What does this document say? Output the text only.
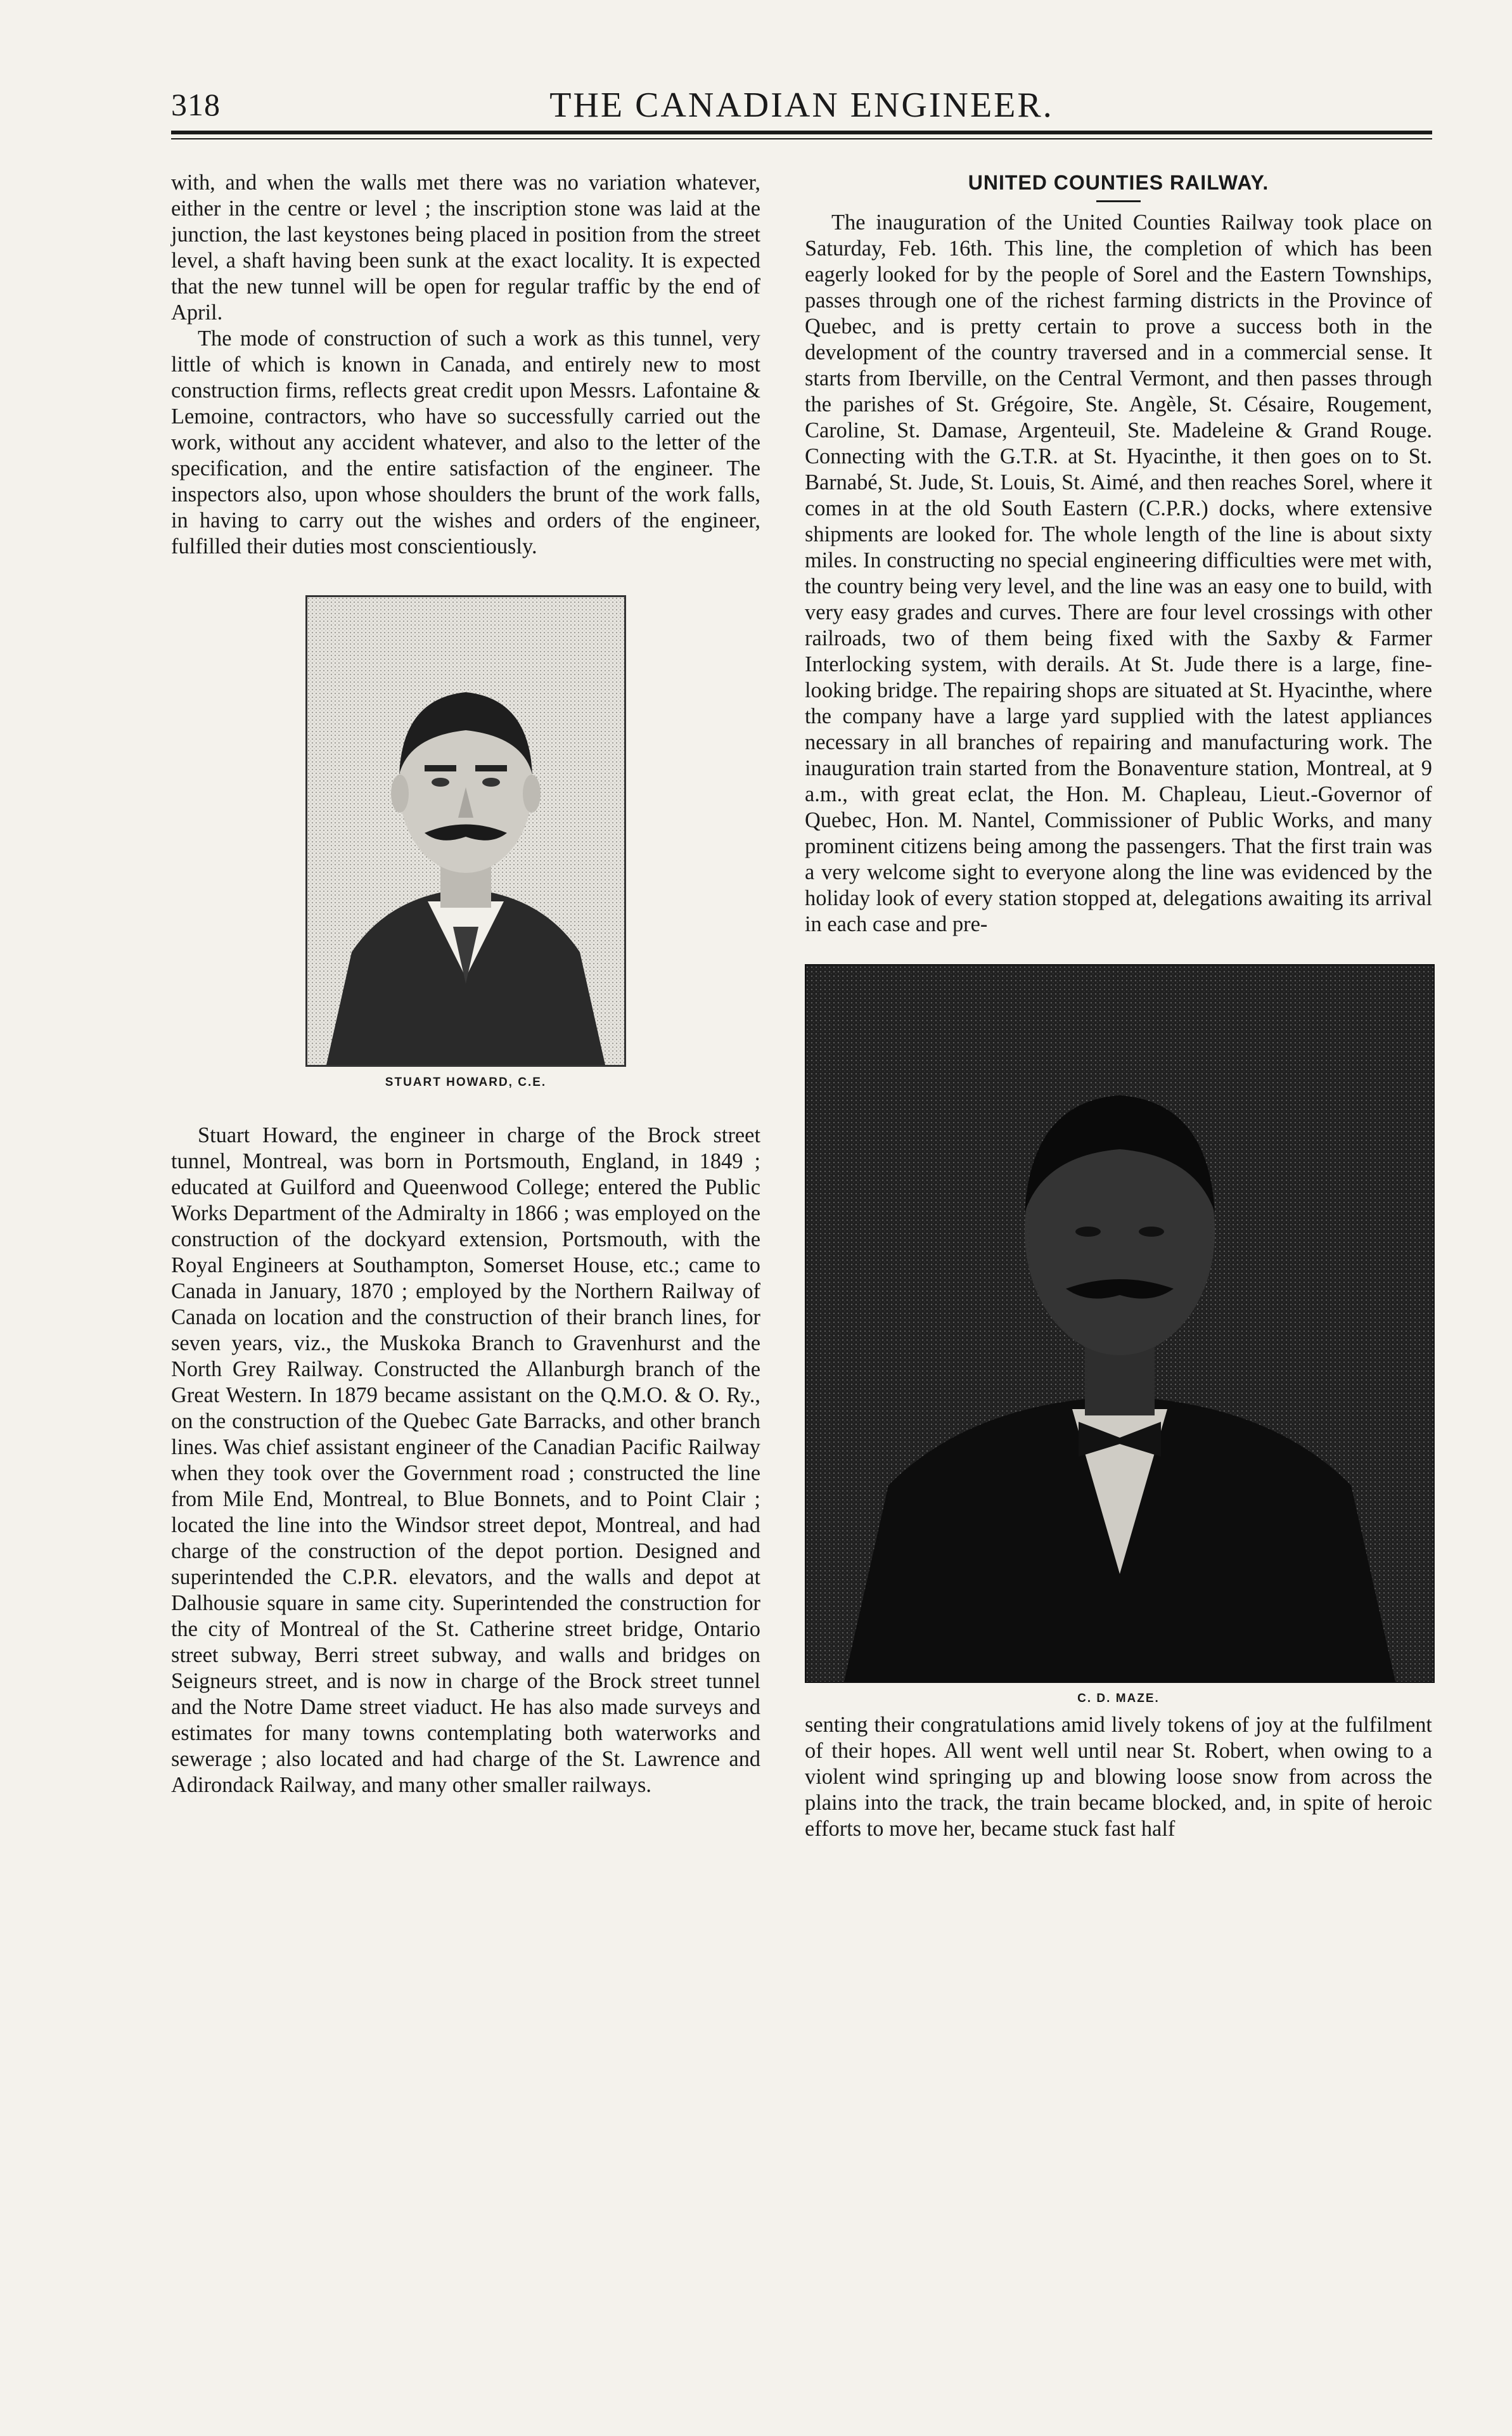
318	THE CANADIAN ENGINEER.

with, and when the walls met there was no variation whatever, either in the centre or level ; the inscription stone was laid at the junction, the last keystones being placed in position from the street level, a shaft having been sunk at the exact locality. It is expected that the new tunnel will be open for regular traffic by the end of April.

The mode of construction of such a work as this tunnel, very little of which is known in Canada, and entirely new to most construction firms, reflects great credit upon Messrs. Lafontaine & Lemoine, contractors, who have so successfully carried out the work, without any accident whatever, and also to the letter of the specification, and the entire satisfaction of the engineer. The inspectors also, upon whose shoulders the brunt of the work falls, in having to carry out the wishes and orders of the engineer, fulfilled their duties most conscientiously.

STUART HOWARD, C.E.

Stuart Howard, the engineer in charge of the Brock street tunnel, Montreal, was born in Portsmouth, England, in 1849 ; educated at Guilford and Queenwood College; entered the Public Works Department of the Admiralty in 1866 ; was employed on the construction of the dockyard extension, Portsmouth, with the Royal Engineers at Southampton, Somerset House, etc.; came to Canada in January, 1870 ; employed by the Northern Railway of Canada on location and the construction of their branch lines, for seven years, viz., the Muskoka Branch to Gravenhurst and the North Grey Railway. Constructed the Allanburgh branch of the Great Western. In 1879 became assistant on the Q.M.O. & O. Ry., on the construction of the Quebec Gate Barracks, and other branch lines. Was chief assistant engineer of the Canadian Pacific Railway when they took over the Government road ; constructed the line from Mile End, Montreal, to Blue Bonnets, and to Point Clair ; located the line into the Windsor street depot, Montreal, and had charge of the construction of the depot portion. Designed and superintended the C.P.R. elevators, and the walls and depot at Dalhousie square in same city. Superintended the construction for the city of Montreal of the St. Catherine street bridge, Ontario street subway, Berri street subway, and walls and bridges on Seigneurs street, and is now in charge of the Brock street tunnel and the Notre Dame street viaduct. He has also made surveys and estimates for many towns contemplating both waterworks and sewerage ; also located and had charge of the St. Lawrence and Adirondack Railway, and many other smaller railways.

UNITED COUNTIES RAILWAY.

The inauguration of the United Counties Railway took place on Saturday, Feb. 16th. This line, the completion of which has been eagerly looked for by the people of Sorel and the Eastern Townships, passes through one of the richest farming districts in the Province of Quebec, and is pretty certain to prove a success both in the development of the country traversed and in a commercial sense. It starts from Iberville, on the Central Vermont, and then passes through the parishes of St. Grégoire, Ste. Angèle, St. Césaire, Rougement, Caroline, St. Damase, Argenteuil, Ste. Madeleine & Grand Rouge. Connecting with the G.T.R. at St. Hyacinthe, it then goes on to St. Barnabé, St. Jude, St. Louis, St. Aimé, and then reaches Sorel, where it comes in at the old South Eastern (C.P.R.) docks, where extensive shipments are looked for. The whole length of the line is about sixty miles. In constructing no special engineering difficulties were met with, the country being very level, and the line was an easy one to build, with very easy grades and curves. There are four level crossings with other railroads, two of them being fixed with the Saxby & Farmer Interlocking system, with derails. At St. Jude there is a large, fine-looking bridge. The repairing shops are situated at St. Hyacinthe, where the company have a large yard supplied with the latest appliances necessary in all branches of repairing and manufacturing work. The inauguration train started from the Bonaventure station, Montreal, at 9 a.m., with great eclat, the Hon. M. Chapleau, Lieut.-Governor of Quebec, Hon. M. Nantel, Commissioner of Public Works, and many prominent citizens being among the passengers. That the first train was a very welcome sight to everyone along the line was evidenced by the holiday look of every station stopped at, delegations awaiting its arrival in each case and pre-

C. D. MAZE.

senting their congratulations amid lively tokens of joy at the fulfilment of their hopes. All went well until near St. Robert, when owing to a violent wind springing up and blowing loose snow from across the plains into the track, the train became blocked, and, in spite of heroic efforts to move her, became stuck fast half
